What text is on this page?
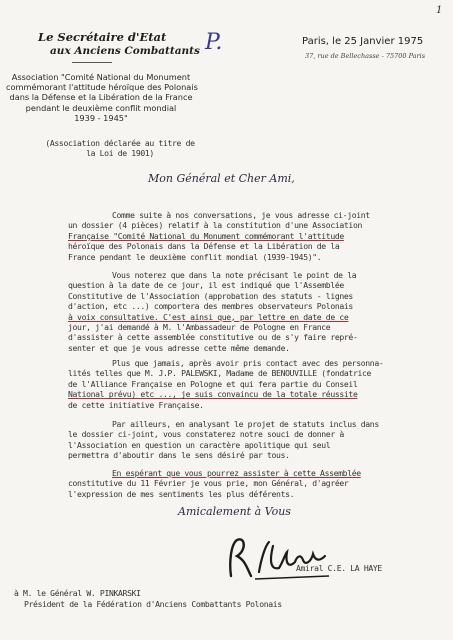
1
Le Secrétaire d'Etat
aux Anciens Combattants P.	Paris, le 25 Janvier 1975
37, rue de Bellechasse - 75700 Paris
Association "Comité National du Monument
commémorant l'attitude héroïque des Polonais
dans la Défense et la Libération de la France
pendant le deuxième conflit mondial
1939 - 1945"
(Association déclarée au titre de
la Loi de 1901)
Mon Général et Cher Ami,
Comme suite à nos conversations, je vous adresse ci-joint
un dossier (4 pièces) relatif à la constitution d'une Association
Française "Comité National du Monument commémorant l'attitude
héroïque des Polonais dans la Défense et la Libération de la
France pendant le deuxième conflit mondial (1939-1945)".
Vous noterez que dans la note précisant le point de la
question à la date de ce jour, il est indiqué que l'Assemblée
Constitutive de l'Association (approbation des statuts - lignes
d'action, etc ...) comportera des membres observateurs Polonais
à voix consultative. C'est ainsi que, par lettre en date de ce
jour, j'ai demandé à M. l'Ambassadeur de Pologne en France
d'assister à cette assemblée constitutive ou de s'y faire repré-
senter et que je vous adresse cette même demande.
Plus que jamais, après avoir pris contact avec des personna-
lités telles que M. J.P. PALEWSKI, Madame de BENOUVILLE (fondatrice
de l'Alliance Française en Pologne et qui fera partie du Conseil
National prévu) etc ..., je suis convaincu de la totale réussite
de cette initiative Française.
Par ailleurs, en analysant le projet de statuts inclus dans
le dossier ci-joint, vous constaterez notre souci de donner à
l'Association en question un caractère apolitique qui seul
permettra d'aboutir dans le sens désiré par tous.
En espérant que vous pourrez assister à cette Assemblée
constitutive du 11 Février je vous prie, mon Général, d'agréer
l'expression de mes sentiments les plus déférents.
Amicalement à Vous
Amiral C.E. LA HAYE
à M. le Général W. PINKARSKI
Président de la Fédération d'Anciens Combattants Polonais
